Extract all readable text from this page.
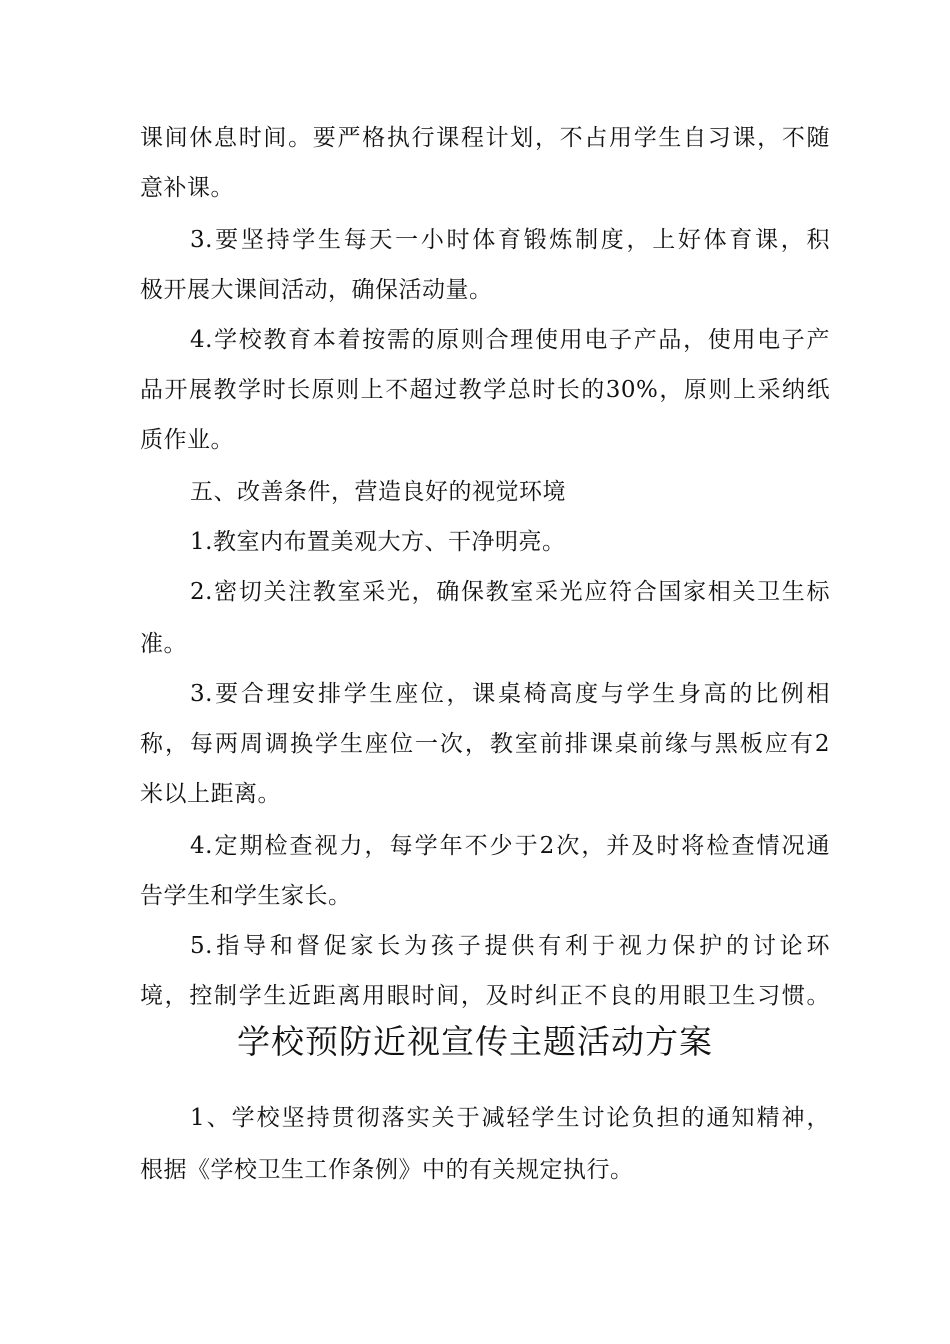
课间休息时间。要严格执行课程计划，不占用学生自习课，不随
意补课。
3.要坚持学生每天一小时体育锻炼制度，上好体育课，积
极开展大课间活动，确保活动量。
4.学校教育本着按需的原则合理使用电子产品，使用电子产
品开展教学时长原则上不超过教学总时长的30%，原则上采纳纸
质作业。
五、改善条件，营造良好的视觉环境
1.教室内布置美观大方、干净明亮。
2.密切关注教室采光，确保教室采光应符合国家相关卫生标
准。
3.要合理安排学生座位，课桌椅高度与学生身高的比例相
称，每两周调换学生座位一次，教室前排课桌前缘与黑板应有2
米以上距离。
4.定期检查视力，每学年不少于2次，并及时将检查情况通
告学生和学生家长。
5.指导和督促家长为孩子提供有利于视力保护的讨论环
境，控制学生近距离用眼时间，及时纠正不良的用眼卫生习惯。
学校预防近视宣传主题活动方案
1、学校坚持贯彻落实关于减轻学生讨论负担的通知精神，
根据《学校卫生工作条例》中的有关规定执行。
